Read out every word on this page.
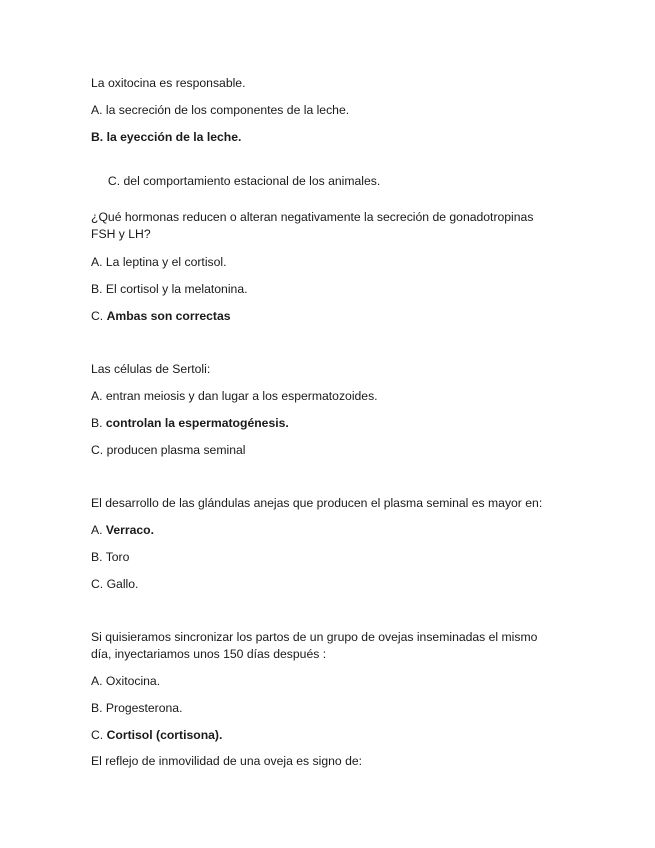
La oxitocina es responsable.
A. la secreción de los componentes de la leche.
B. la eyección de la leche.

C. del comportamiento estacional de los animales.

¿Qué hormonas reducen o alteran negativamente la secreción de gonadotropinas FSH y LH?
A. La leptina y el cortisol.
B. El cortisol y la melatonina.
C. Ambas son correctas
Las células de Sertoli:
A. entran meiosis y dan lugar a los espermatozoides.
B. controlan la espermatogénesis.
C. producen plasma seminal
El desarrollo de las glándulas anejas que producen el plasma seminal es mayor en:
A. Verraco.
B. Toro
C. Gallo.
Si quisieramos sincronizar los partos de un grupo de ovejas inseminadas el mismo día, inyectariamos unos 150 días después :
A. Oxitocina.
B. Progesterona.
C. Cortisol (cortisona).
El reflejo de inmovilidad de una oveja es signo de:
